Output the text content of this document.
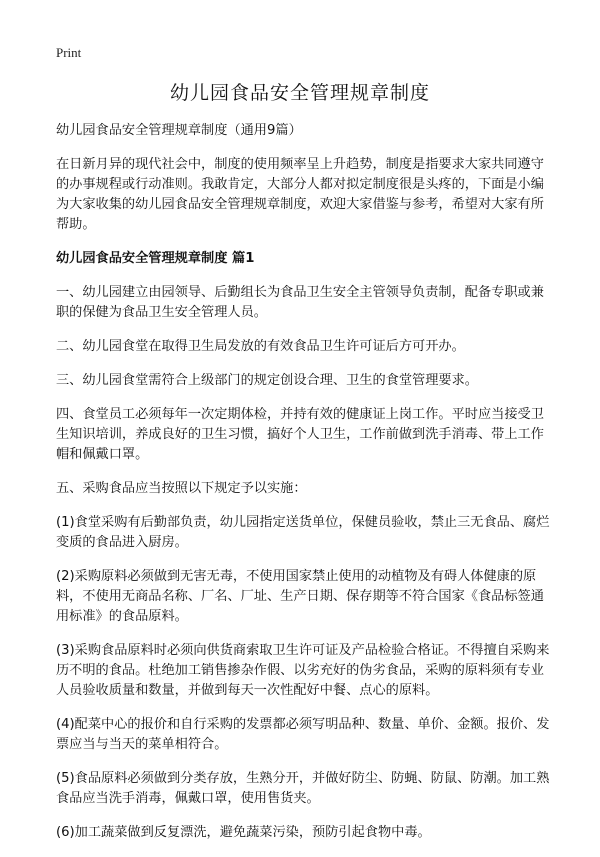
Print
幼儿园食品安全管理规章制度

幼儿园食品安全管理规章制度（通用9篇）

在日新月异的现代社会中，制度的使用频率呈上升趋势，制度是指要求大家共同遵守的办事规程或行动准则。我敢肯定，大部分人都对拟定制度很是头疼的，下面是小编为大家收集的幼儿园食品安全管理规章制度，欢迎大家借鉴与参考，希望对大家有所帮助。

幼儿园食品安全管理规章制度 篇1

一、幼儿园建立由园领导、后勤组长为食品卫生安全主管领导负责制，配备专职或兼职的保健为食品卫生安全管理人员。

二、幼儿园食堂在取得卫生局发放的有效食品卫生许可证后方可开办。

三、幼儿园食堂需符合上级部门的规定创设合理、卫生的食堂管理要求。

四、食堂员工必须每年一次定期体检，并持有效的健康证上岗工作。平时应当接受卫生知识培训，养成良好的卫生习惯，搞好个人卫生，工作前做到洗手消毒、带上工作帽和佩戴口罩。

五、采购食品应当按照以下规定予以实施：

(1)食堂采购有后勤部负责，幼儿园指定送货单位，保健员验收，禁止三无食品、腐烂变质的食品进入厨房。

(2)采购原料必须做到无害无毒，不使用国家禁止使用的动植物及有碍人体健康的原料，不使用无商品名称、厂名、厂址、生产日期、保存期等不符合国家《食品标签通用标准》的食品原料。

(3)采购食品原料时必须向供货商索取卫生许可证及产品检验合格证。不得擅自采购来历不明的食品。杜绝加工销售掺杂作假、以劣充好的伪劣食品，采购的原料须有专业人员验收质量和数量，并做到每天一次性配好中餐、点心的原料。

(4)配菜中心的报价和自行采购的发票都必须写明品种、数量、单价、金额。报价、发票应当与当天的菜单相符合。

(5)食品原料必须做到分类存放，生熟分开，并做好防尘、防蝇、防鼠、防潮。加工熟食品应当洗手消毒，佩戴口罩，使用售货夹。

(6)加工蔬菜做到反复漂洗，避免蔬菜污染，预防引起食物中毒。
